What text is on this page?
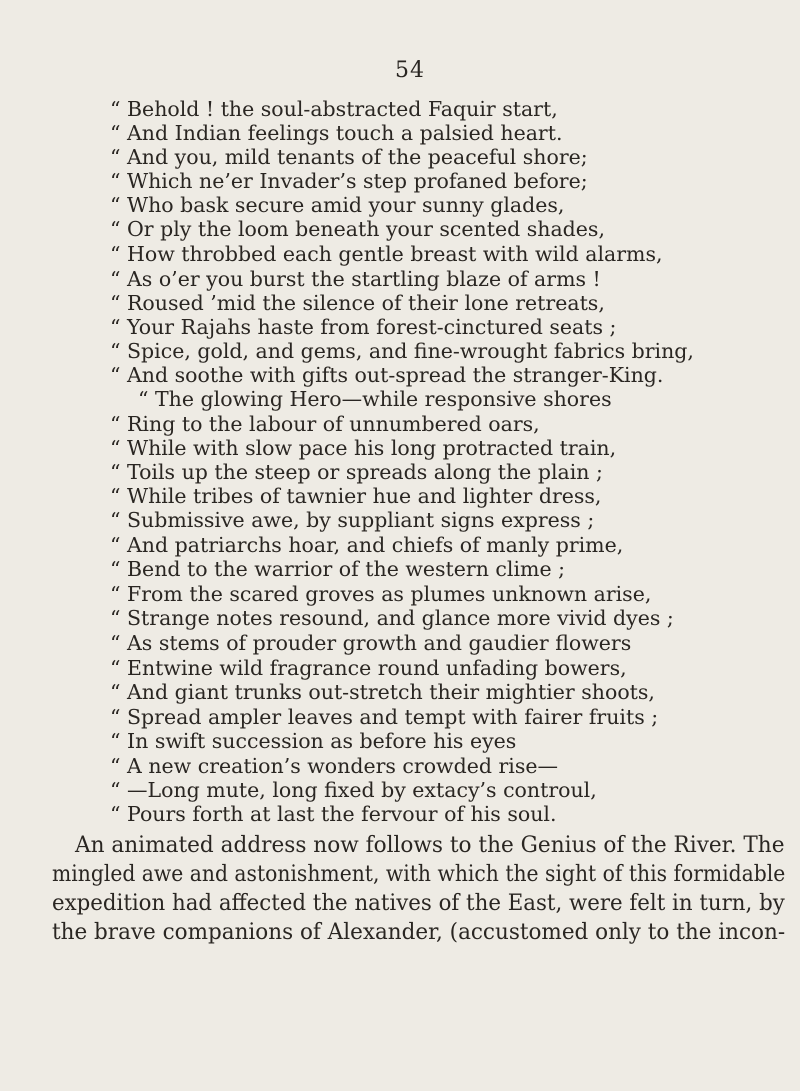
54
“ Behold ! the soul-abstracted Faquir start,
“ And Indian feelings touch a palsied heart.
“ And you, mild tenants of the peaceful shore;
“ Which ne’er Invader’s step profaned before;
“ Who bask secure amid your sunny glades,
“ Or ply the loom beneath your scented shades,
“ How throbbed each gentle breast with wild alarms,
“ As o’er you burst the startling blaze of arms !
“ Roused ’mid the silence of their lone retreats,
“ Your Rajahs haste from forest-cinctured seats ;
“ Spice, gold, and gems, and fine-wrought fabrics bring,
“ And soothe with gifts out-spread the stranger-King.
“ The glowing Hero—while responsive shores
“ Ring to the labour of unnumbered oars,
“ While with slow pace his long protracted train,
“ Toils up the steep or spreads along the plain ;
“ While tribes of tawnier hue and lighter dress,
“ Submissive awe, by suppliant signs express ;
“ And patriarchs hoar, and chiefs of manly prime,
“ Bend to the warrior of the western clime ;
“ From the scared groves as plumes unknown arise,
“ Strange notes resound, and glance more vivid dyes ;
“ As stems of prouder growth and gaudier flowers
“ Entwine wild fragrance round unfading bowers,
“ And giant trunks out-stretch their mightier shoots,
“ Spread ampler leaves and tempt with fairer fruits ;
“ In swift succession as before his eyes
“ A new creation’s wonders crowded rise—
“ —Long mute, long fixed by extacy’s controul,
“ Pours forth at last the fervour of his soul.
An animated address now follows to the Genius of the River. The
mingled awe and astonishment, with which the sight of this formidable
expedition had affected the natives of the East, were felt in turn, by
the brave companions of Alexander, (accustomed only to the incon-
